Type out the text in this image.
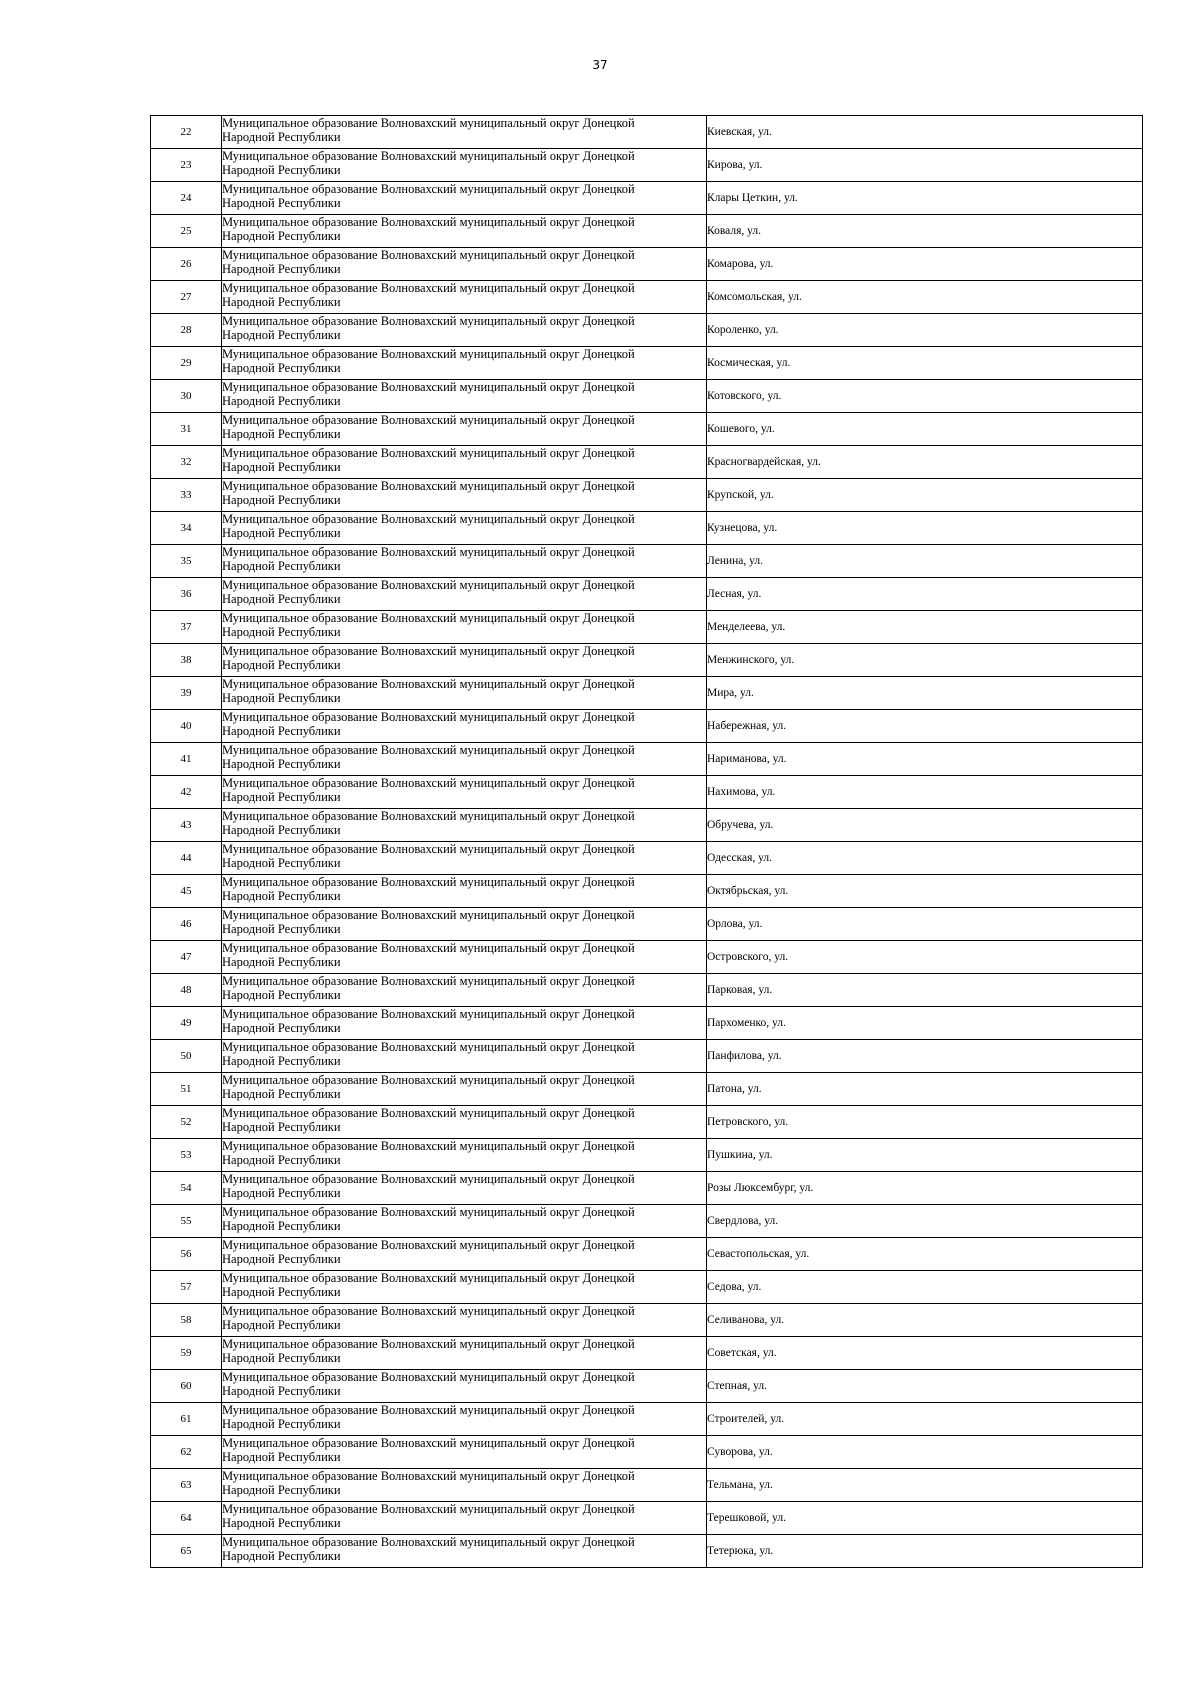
37
22	Муниципальное образование Волновахский муниципальный округ Донецкой
Народной Республики	Киевская, ул.
23	Муниципальное образование Волновахский муниципальный округ Донецкой
Народной Республики	Кирова, ул.
24	Муниципальное образование Волновахский муниципальный округ Донецкой
Народной Республики	Клары Цеткин, ул.
25	Муниципальное образование Волновахский муниципальный округ Донецкой
Народной Республики	Коваля, ул.
26	Муниципальное образование Волновахский муниципальный округ Донецкой
Народной Республики	Комарова, ул.
27	Муниципальное образование Волновахский муниципальный округ Донецкой
Народной Республики	Комсомольская, ул.
28	Муниципальное образование Волновахский муниципальный округ Донецкой
Народной Республики	Короленко, ул.
29	Муниципальное образование Волновахский муниципальный округ Донецкой
Народной Республики	Космическая, ул.
30	Муниципальное образование Волновахский муниципальный округ Донецкой
Народной Республики	Котовского, ул.
31	Муниципальное образование Волновахский муниципальный округ Донецкой
Народной Республики	Кошевого, ул.
32	Муниципальное образование Волновахский муниципальный округ Донецкой
Народной Республики	Красногвардейская, ул.
33	Муниципальное образование Волновахский муниципальный округ Донецкой
Народной Республики	Крупской, ул.
34	Муниципальное образование Волновахский муниципальный округ Донецкой
Народной Республики	Кузнецова, ул.
35	Муниципальное образование Волновахский муниципальный округ Донецкой
Народной Республики	Ленина, ул.
36	Муниципальное образование Волновахский муниципальный округ Донецкой
Народной Республики	Лесная, ул.
37	Муниципальное образование Волновахский муниципальный округ Донецкой
Народной Республики	Менделеева, ул.
38	Муниципальное образование Волновахский муниципальный округ Донецкой
Народной Республики	Менжинского, ул.
39	Муниципальное образование Волновахский муниципальный округ Донецкой
Народной Республики	Мира, ул.
40	Муниципальное образование Волновахский муниципальный округ Донецкой
Народной Республики	Набережная, ул.
41	Муниципальное образование Волновахский муниципальный округ Донецкой
Народной Республики	Нариманова, ул.
42	Муниципальное образование Волновахский муниципальный округ Донецкой
Народной Республики	Нахимова, ул.
43	Муниципальное образование Волновахский муниципальный округ Донецкой
Народной Республики	Обручева, ул.
44	Муниципальное образование Волновахский муниципальный округ Донецкой
Народной Республики	Одесская, ул.
45	Муниципальное образование Волновахский муниципальный округ Донецкой
Народной Республики	Октябрьская, ул.
46	Муниципальное образование Волновахский муниципальный округ Донецкой
Народной Республики	Орлова, ул.
47	Муниципальное образование Волновахский муниципальный округ Донецкой
Народной Республики	Островского, ул.
48	Муниципальное образование Волновахский муниципальный округ Донецкой
Народной Республики	Парковая, ул.
49	Муниципальное образование Волновахский муниципальный округ Донецкой
Народной Республики	Пархоменко, ул.
50	Муниципальное образование Волновахский муниципальный округ Донецкой
Народной Республики	Панфилова, ул.
51	Муниципальное образование Волновахский муниципальный округ Донецкой
Народной Республики	Патона, ул.
52	Муниципальное образование Волновахский муниципальный округ Донецкой
Народной Республики	Петровского, ул.
53	Муниципальное образование Волновахский муниципальный округ Донецкой
Народной Республики	Пушкина, ул.
54	Муниципальное образование Волновахский муниципальный округ Донецкой
Народной Республики	Розы Люксембург, ул.
55	Муниципальное образование Волновахский муниципальный округ Донецкой
Народной Республики	Свердлова, ул.
56	Муниципальное образование Волновахский муниципальный округ Донецкой
Народной Республики	Севастопольская, ул.
57	Муниципальное образование Волновахский муниципальный округ Донецкой
Народной Республики	Седова, ул.
58	Муниципальное образование Волновахский муниципальный округ Донецкой
Народной Республики	Селиванова, ул.
59	Муниципальное образование Волновахский муниципальный округ Донецкой
Народной Республики	Советская, ул.
60	Муниципальное образование Волновахский муниципальный округ Донецкой
Народной Республики	Степная, ул.
61	Муниципальное образование Волновахский муниципальный округ Донецкой
Народной Республики	Строителей, ул.
62	Муниципальное образование Волновахский муниципальный округ Донецкой
Народной Республики	Суворова, ул.
63	Муниципальное образование Волновахский муниципальный округ Донецкой
Народной Республики	Тельмана, ул.
64	Муниципальное образование Волновахский муниципальный округ Донецкой
Народной Республики	Терешковой, ул.
65	Муниципальное образование Волновахский муниципальный округ Донецкой
Народной Республики	Тетерюка, ул.
